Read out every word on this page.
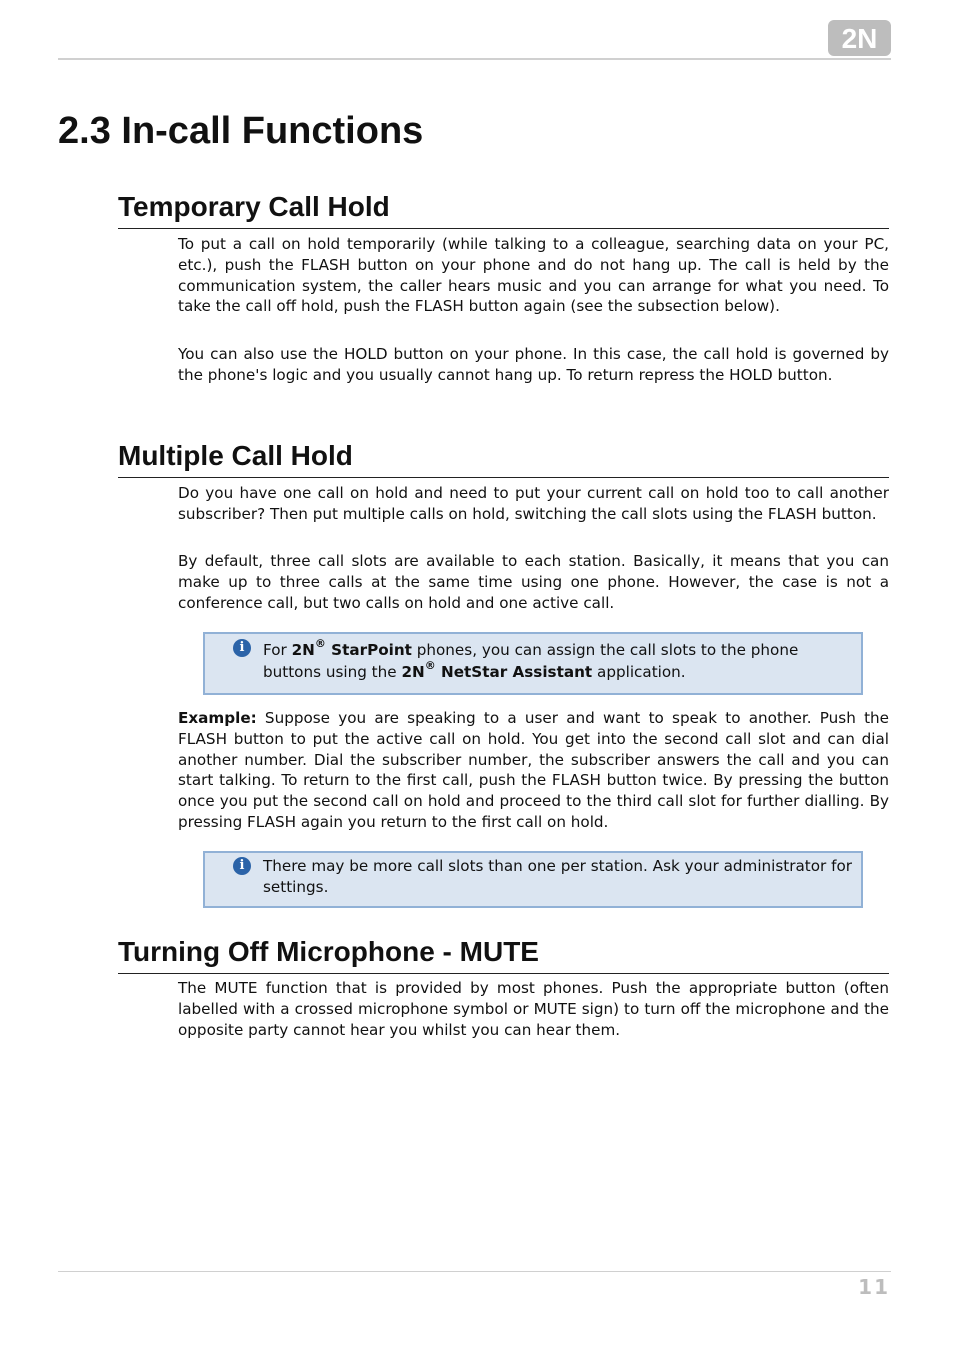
2N
2.3 In-call Functions
Temporary Call Hold

To put a call on hold temporarily (while talking to a colleague, searching data on your PC, etc.), push the FLASH button on your phone and do not hang up. The call is held by the communication system, the caller hears music and you can arrange for what you need. To take the call off hold, push the FLASH button again (see the subsection below).

You can also use the HOLD button on your phone. In this case, the call hold is governed by the phone's logic and you usually cannot hang up. To return repress the HOLD button.

Multiple Call Hold

Do you have one call on hold and need to put your current call on hold too to call another subscriber? Then put multiple calls on hold, switching the call slots using the FLASH button.

By default, three call slots are available to each station. Basically, it means that you can make up to three calls at the same time using one phone. However, the case is not a conference call, but two calls on hold and one active call.

i	For 2N® StarPoint phones, you can assign the call slots to the phone buttons using the 2N® NetStar Assistant application.

Example: Suppose you are speaking to a user and want to speak to another. Push the FLASH button to put the active call on hold. You get into the second call slot and can dial another number. Dial the subscriber number, the subscriber answers the call and you can start talking. To return to the first call, push the FLASH button twice. By pressing the button once you put the second call on hold and proceed to the third call slot for further dialling. By pressing FLASH again you return to the first call on hold.

i	There may be more call slots than one per station. Ask your administrator for settings.
Turning Off Microphone - MUTE

The MUTE function that is provided by most phones. Push the appropriate button (often labelled with a crossed microphone symbol or MUTE sign) to turn off the microphone and the opposite party cannot hear you whilst you can hear them.

11
